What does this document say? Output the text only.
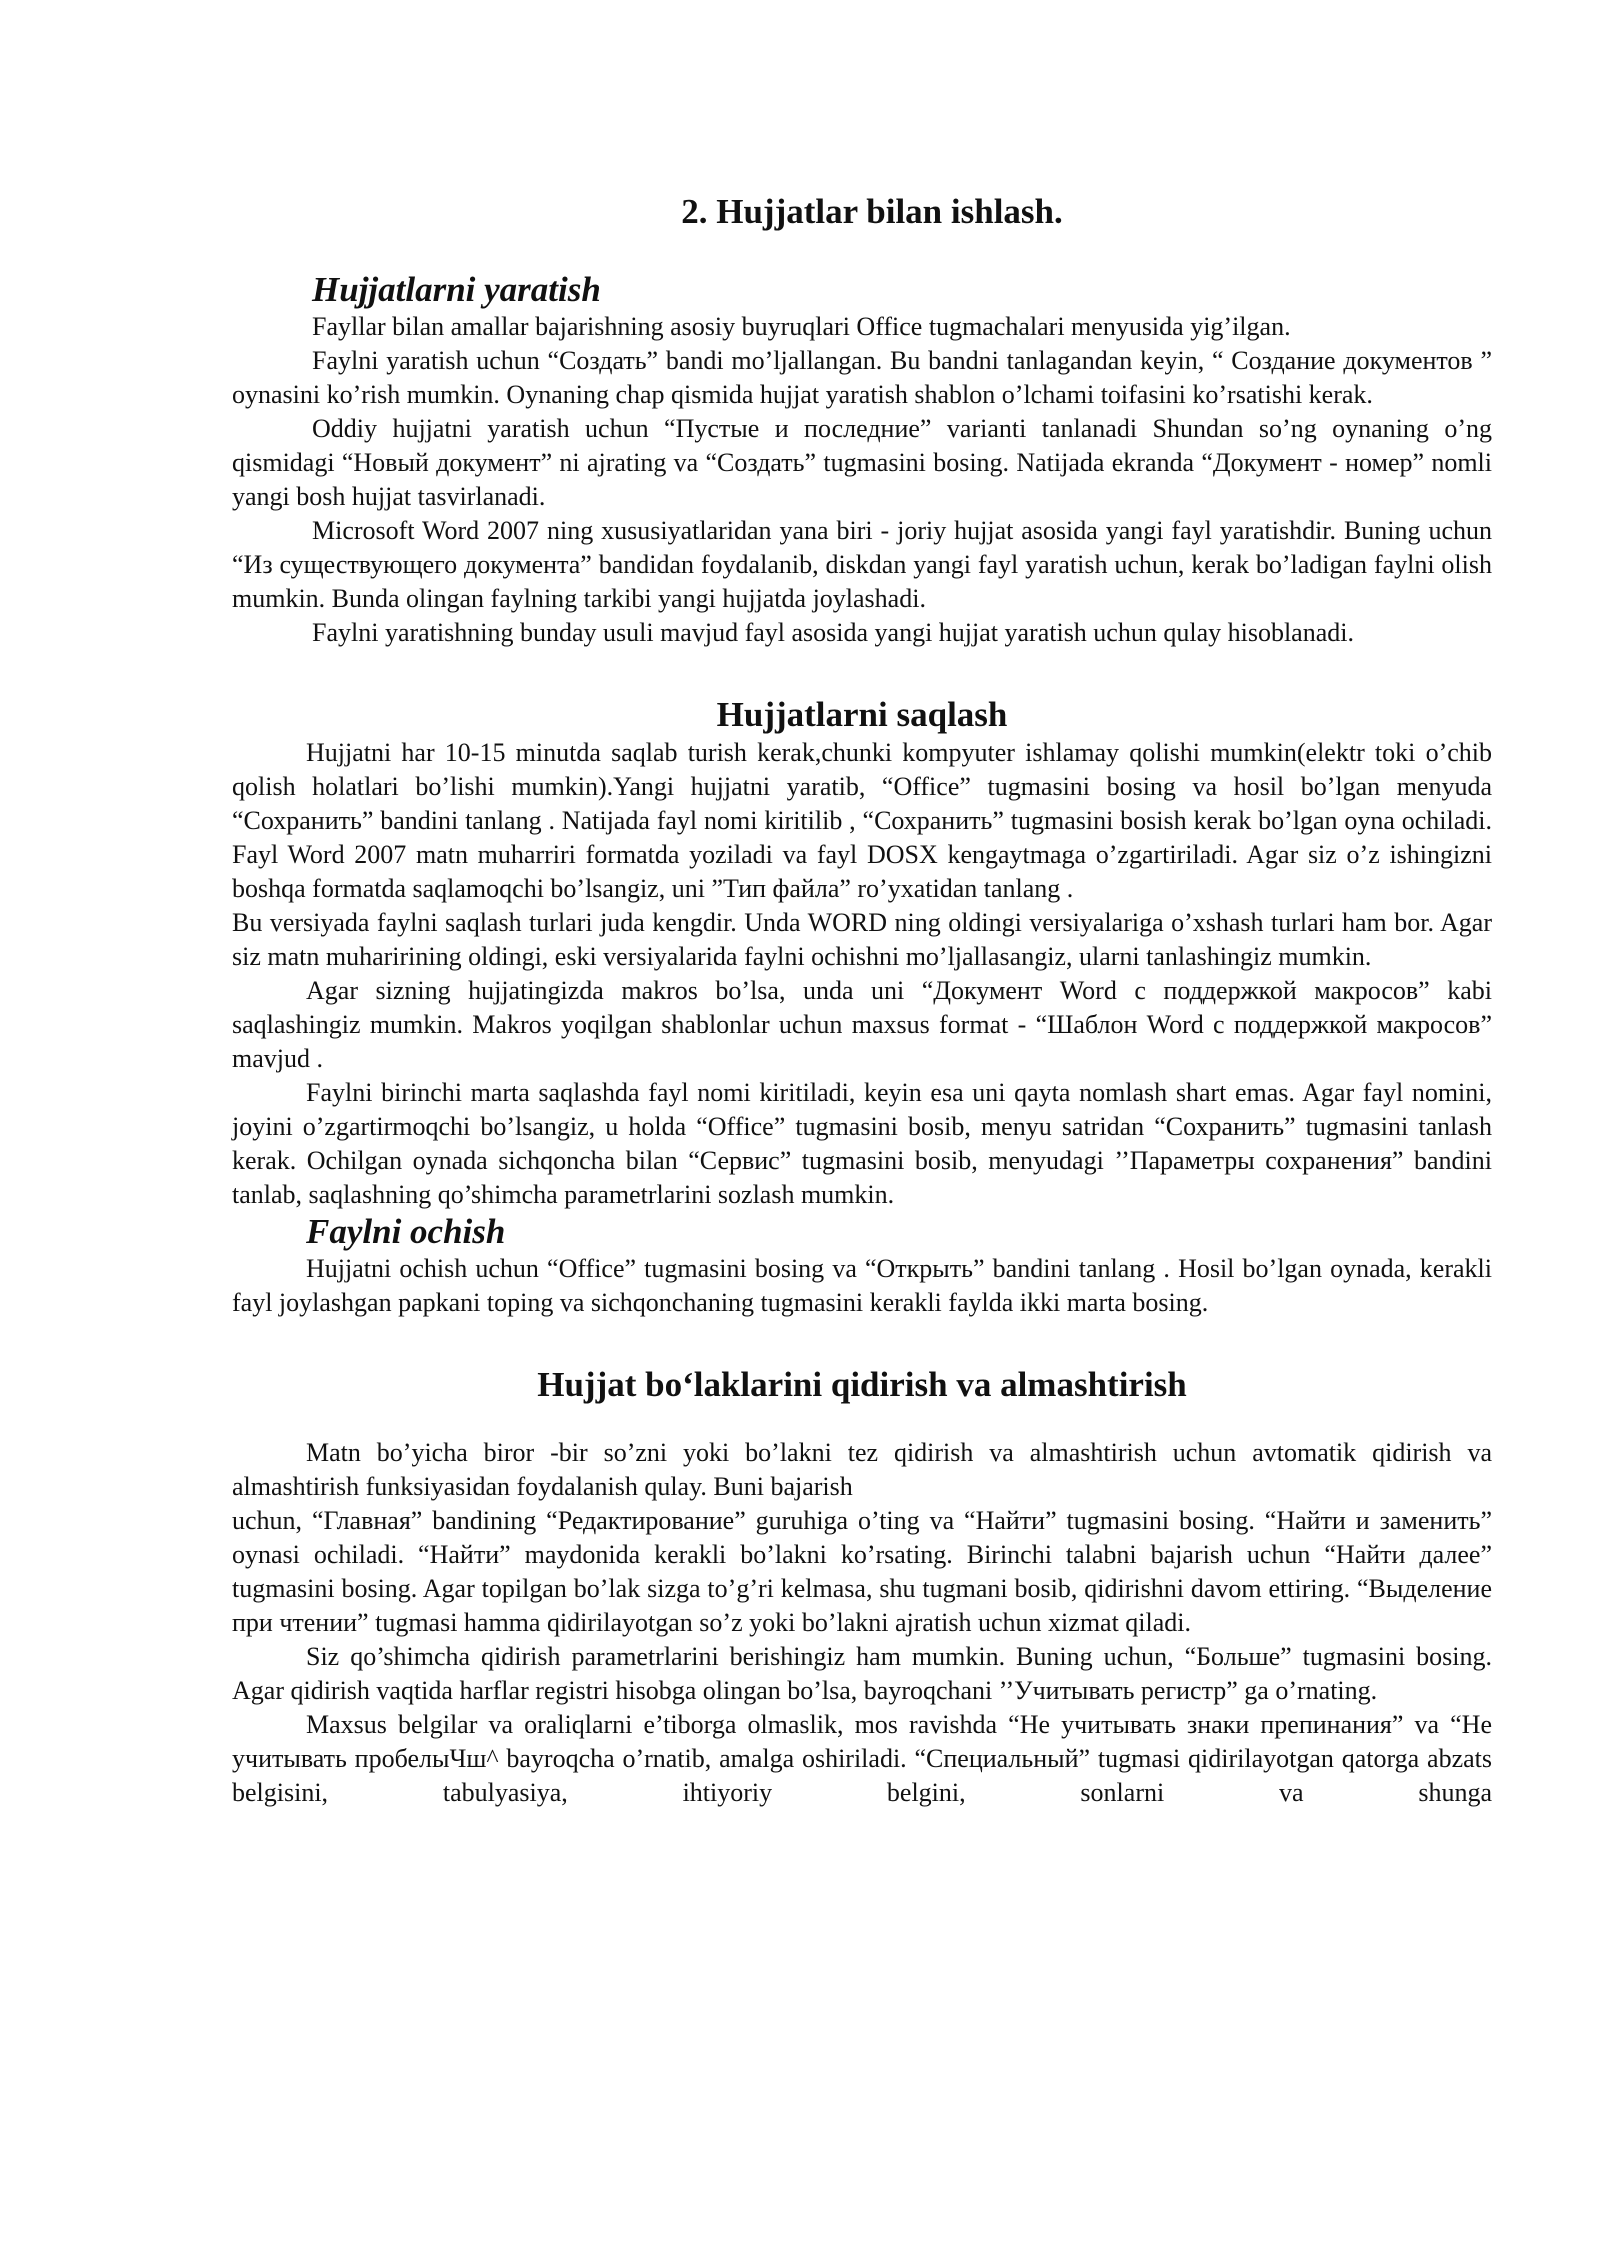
2. Hujjatlar bilan ishlash.
Hujjatlarni yaratish

Fayllar bilan amallar bajarishning asosiy buyruqlari Office tugmachalari menyusida yig’ilgan.

Faylni yaratish uchun “Создать” bandi mo’ljallangan. Bu bandni tanlagandan keyin, “ Создание документов ” oynasini ko’rish mumkin. Oynaning chap qismida hujjat yaratish shablon o’lchami toifasini ko’rsatishi kerak.

Oddiy hujjatni yaratish uchun “Пустые и последние” varianti tanlanadi Shundan so’ng oynaning o’ng qismidagi “Новый документ” ni ajrating va “Создать” tugmasini bosing. Natijada ekranda “Документ - номер” nomli yangi bosh hujjat tasvirlanadi.

Microsoft Word 2007 ning xususiyatlaridan yana biri - joriy hujjat asosida yangi fayl yaratishdir. Buning uchun “Из существующего документа” bandidan foydalanib, diskdan yangi fayl yaratish uchun, kerak bo’ladigan faylni olish mumkin. Bunda olingan faylning tarkibi yangi hujjatda joylashadi.

Faylni yaratishning bunday usuli mavjud fayl asosida yangi hujjat yaratish uchun qulay hisoblanadi.

Hujjatlarni saqlash

Hujjatni har 10-15 minutda saqlab turish kerak,chunki kompyuter ishlamay qolishi mumkin(elektr toki o’chib qolish holatlari bo’lishi mumkin).Yangi hujjatni yaratib, “Office” tugmasini bosing va hosil bo’lgan menyuda “Сохранить” bandini tanlang . Natijada fayl nomi kiritilib , “Сохранить” tugmasini bosish kerak bo’lgan oyna ochiladi. Fayl Word 2007 matn muharriri formatda yoziladi va fayl DOSX kengaytmaga o’zgartiriladi. Agar siz o’z ishingizni boshqa formatda saqlamoqchi bo’lsangiz, uni ”Тип файла” ro’yxatidan tanlang .

Bu versiyada faylni saqlash turlari juda kengdir. Unda WORD ning oldingi versiyalariga o’xshash turlari ham bor. Agar siz matn muharirining oldingi, eski versiyalarida faylni ochishni mo’ljallasangiz, ularni tanlashingiz mumkin.

Agar sizning hujjatingizda makros bo’lsa, unda uni “Документ Word с поддержкой макросов” kabi saqlashingiz mumkin. Makros yoqilgan shablonlar uchun maxsus format - “Шаблон Word с поддержкой макросов” mavjud .

Faylni birinchi marta saqlashda fayl nomi kiritiladi, keyin esa uni qayta nomlash shart emas. Agar fayl nomini, joyini o’zgartirmoqchi bo’lsangiz, u holda “Office” tugmasini bosib, menyu satridan “Сохранить” tugmasini tanlash kerak. Ochilgan oynada sichqoncha bilan “Сервис” tugmasini bosib, menyudagi ’’Параметры сохранения” bandini tanlab, saqlashning qo’shimcha parametrlarini sozlash mumkin.

Faylni ochish

Hujjatni ochish uchun “Office” tugmasini bosing va “Открыть” bandini tanlang . Hosil bo’lgan oynada, kerakli fayl joylashgan papkani toping va sichqonchaning tugmasini kerakli faylda ikki marta bosing.

Hujjat boʻlaklarini qidirish va almashtirish

Matn bo’yicha biror -bir so’zni yoki bo’lakni tez qidirish va almashtirish uchun avtomatik qidirish va almashtirish funksiyasidan foydalanish qulay. Buni bajarish

uchun, “Главная” bandining “Редактирование” guruhiga o’ting va “Найти” tugmasini bosing. “Найти и заменить” oynasi ochiladi. “Найти” maydonida kerakli bo’lakni ko’rsating. Birinchi talabni bajarish uchun “Найти далее” tugmasini bosing. Agar topilgan bo’lak sizga to’g’ri kelmasa, shu tugmani bosib, qidirishni davom ettiring. “Выделение при чтении” tugmasi hamma qidirilayotgan so’z yoki bo’lakni ajratish uchun xizmat qiladi.

Siz qo’shimcha qidirish parametrlarini berishingiz ham mumkin. Buning uchun, “Больше” tugmasini bosing. Agar qidirish vaqtida harflar registri hisobga olingan bo’lsa, bayroqchani ’’Учитывать регистр” ga o’rnating.

Maxsus belgilar va oraliqlarni e’tiborga olmaslik, mos ravishda “Не учитывать знаки препинания” va “Не учитывать пробелыЧш^ bayroqcha o’rnatib, amalga oshiriladi. “Специальный” tugmasi qidirilayotgan qatorga abzats belgisini, tabulyasiya, ihtiyoriy belgini, sonlarni va shunga
